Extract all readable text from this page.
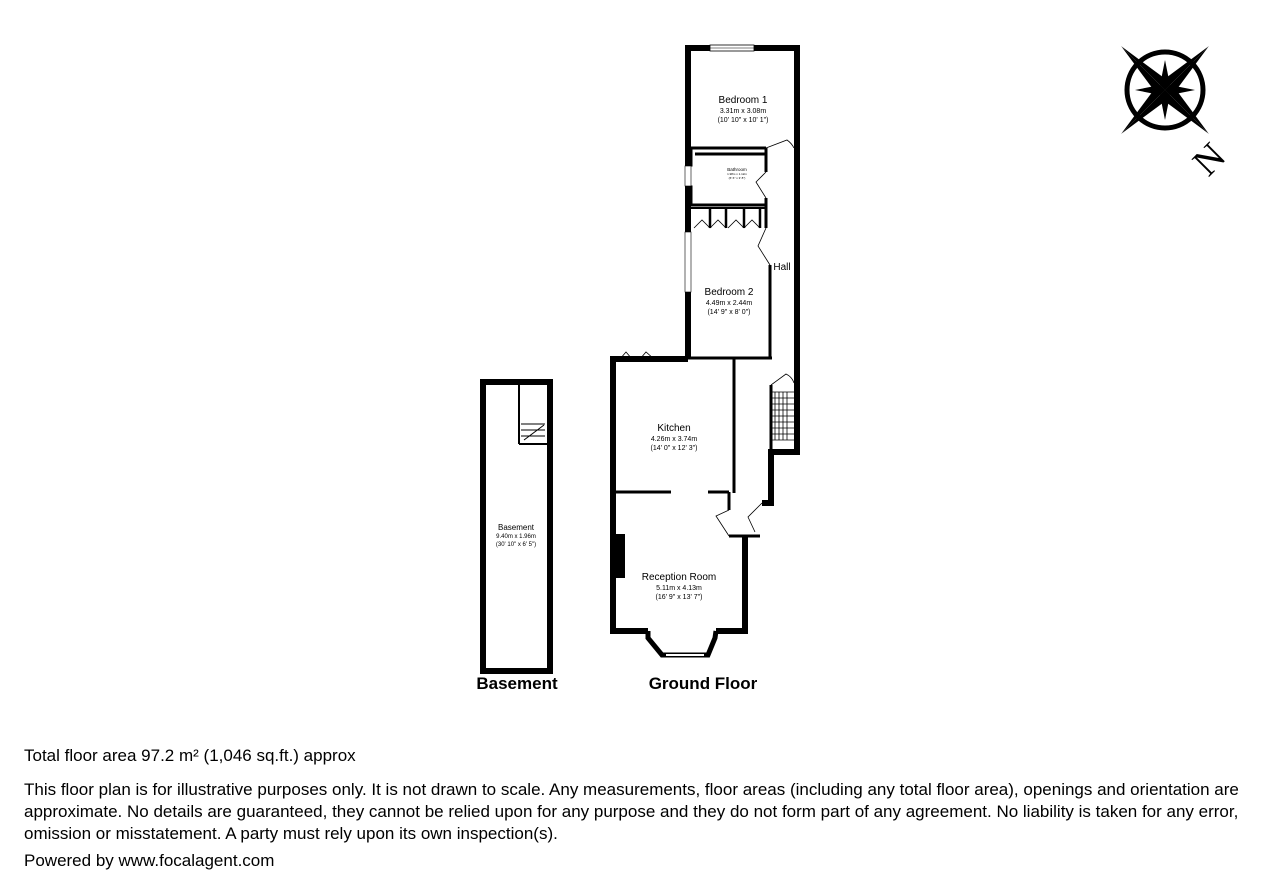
Basement
9.40m x 1.96m
(30' 10" x 6' 5")
Bedroom 1
3.31m x 3.08m
(10' 10" x 10' 1")
Bathroom
1.98m x 1.12m
(6' 6" x 3' 8")
Hall
Bedroom 2
4.49m x 2.44m
(14' 9" x 8' 0")
Kitchen
4.26m x 3.74m
(14' 0" x 12' 3")
Reception Room
5.11m x 4.13m
(16' 9" x 13' 7")
Basement	Ground Floor
N
Total floor area 97.2 m² (1,046 sq.ft.) approx
This floor plan is for illustrative purposes only. It is not drawn to scale. Any measurements, floor areas (including any total floor area), openings and orientation are approximate. No details are guaranteed, they cannot be relied upon for any purpose and they do not form part of any agreement. No liability is taken for any error, omission or misstatement. A party must rely upon its own inspection(s).
Powered by www.focalagent.com
